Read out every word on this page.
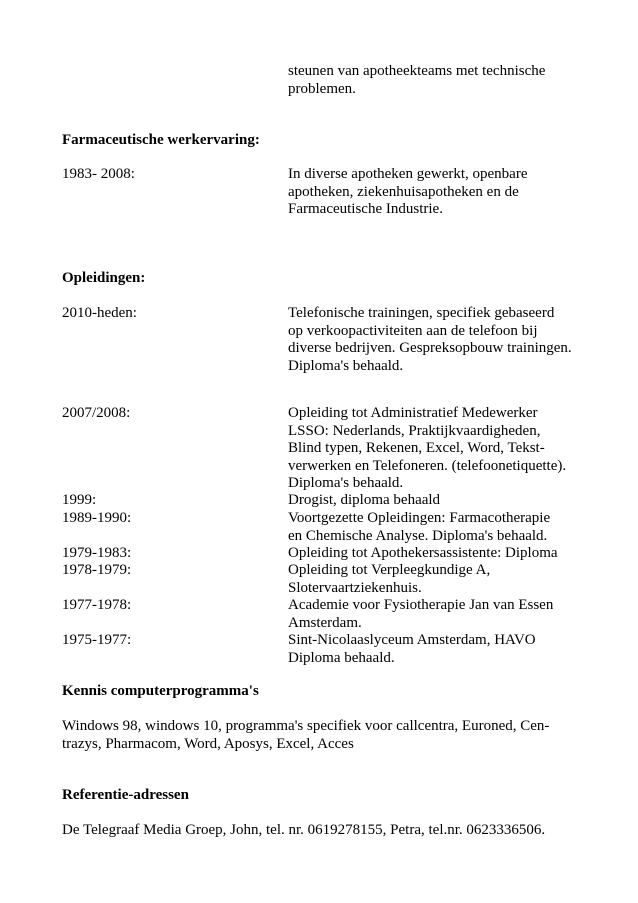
steunen van apotheekteams met technische
problemen.
Farmaceutische werkervaring:
1983- 2008:	In diverse apotheken gewerkt, openbare
apotheken, ziekenhuisapotheken en de
Farmaceutische Industrie.
Opleidingen:
2010-heden:	Telefonische trainingen, specifiek gebaseerd
op verkoopactiviteiten aan de telefoon bij
diverse bedrijven. Gespreksopbouw trainingen.
Diploma's behaald.
2007/2008:	Opleiding tot Administratief Medewerker
LSSO: Nederlands, Praktijkvaardigheden,
Blind typen, Rekenen, Excel, Word, Tekst-
verwerken en Telefoneren. (telefoonetiquette).
Diploma's behaald.
1999:	Drogist, diploma behaald
1989-1990:	Voortgezette Opleidingen: Farmacotherapie
en Chemische Analyse. Diploma's behaald.
1979-1983:	Opleiding tot Apothekersassistente: Diploma
1978-1979:	Opleiding tot Verpleegkundige A,
Slotervaartziekenhuis.
1977-1978:	Academie voor Fysiotherapie Jan van Essen
Amsterdam.
1975-1977:	Sint-Nicolaaslyceum Amsterdam, HAVO
Diploma behaald.
Kennis computerprogramma's
Windows 98, windows 10, programma's specifiek voor callcentra, Euroned, Cen-
trazys, Pharmacom, Word, Aposys, Excel, Acces
Referentie-adressen
De Telegraaf Media Groep, John, tel. nr. 0619278155, Petra, tel.nr. 0623336506.
